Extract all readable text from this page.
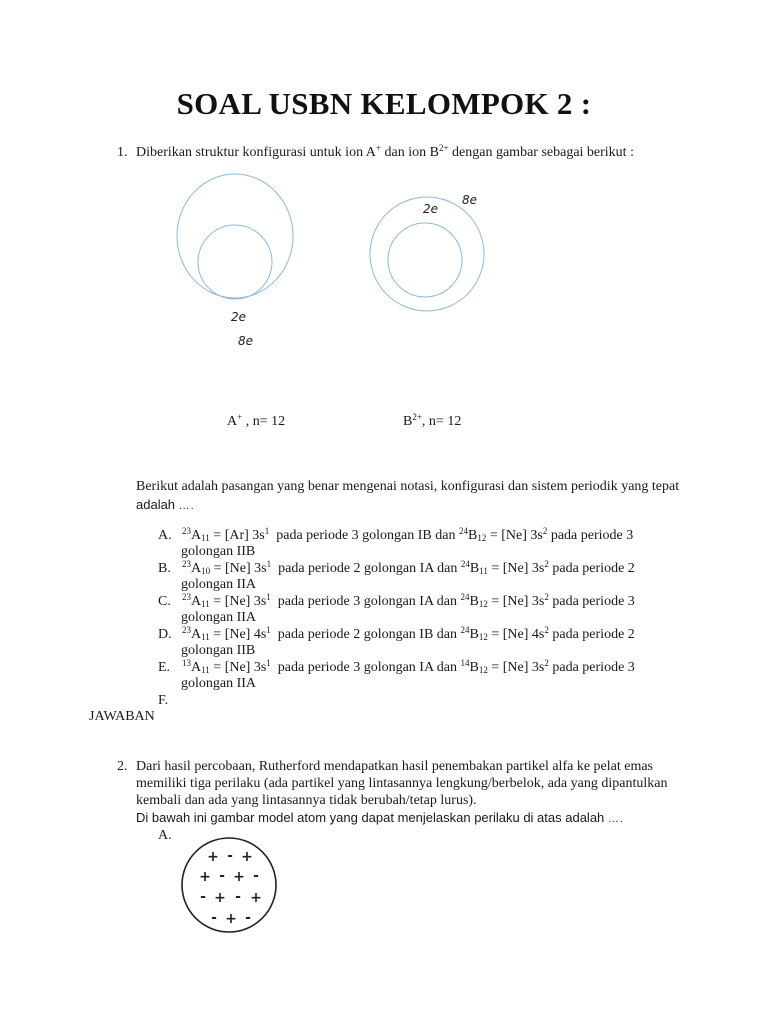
SOAL USBN KELOMPOK 2 :
1. Diberikan struktur konfigurasi untuk ion A+ dan ion $B^{2+}$ dengan gambar sebagai berikut :
2e
8e
2e
8e
A+ , n= 12	$B^{2+}$, n= 12
Berikut adalah pasangan yang benar mengenai notasi, konfigurasi dan sistem periodik yang tepat
adalah ….
A. $^{23}A_{11} = [Ar]$ $3s^1$  pada periode 3 golongan IB dan $^{24}B_{12} = [Ne]$ $3s^2$ pada periode 3
golongan IIB
B. $^{23}A_{10} = [Ne]$ $3s^1$  pada periode 2 golongan IA dan $^{24}B_{11} = [Ne]$ $3s^2$ pada periode 2
golongan IIA
C. $^{23}A_{11} = [Ne]$ $3s^1$  pada periode 3 golongan IA dan $^{24}B_{12} = [Ne]$ $3s^2$ pada periode 3
golongan IIA
D. $^{23}A_{11} = [Ne]$ $4s^1$  pada periode 2 golongan IB dan $^{24}B_{12} = [Ne]$ $4s^2$ pada periode 2
golongan IIB
E. $^{13}A_{11} = [Ne]$ $3s^1$  pada periode 3 golongan IA dan $^{14}B_{12} = [Ne]$ $3s^2$ pada periode 3
golongan IIA
F.
JAWABAN
2. Dari hasil percobaan, Rutherford mendapatkan hasil penembakan partikel alfa ke pelat emas
memiliki tiga perilaku (ada partikel yang lintasannya lengkung/berbelok, ada yang dipantulkan
kembali dan ada yang lintasannya tidak berubah/tetap lurus).
Di bawah ini gambar model atom yang dapat menjelaskan perilaku di atas adalah ….
A.
+ - +
+ - + -
- + - +
- + -
